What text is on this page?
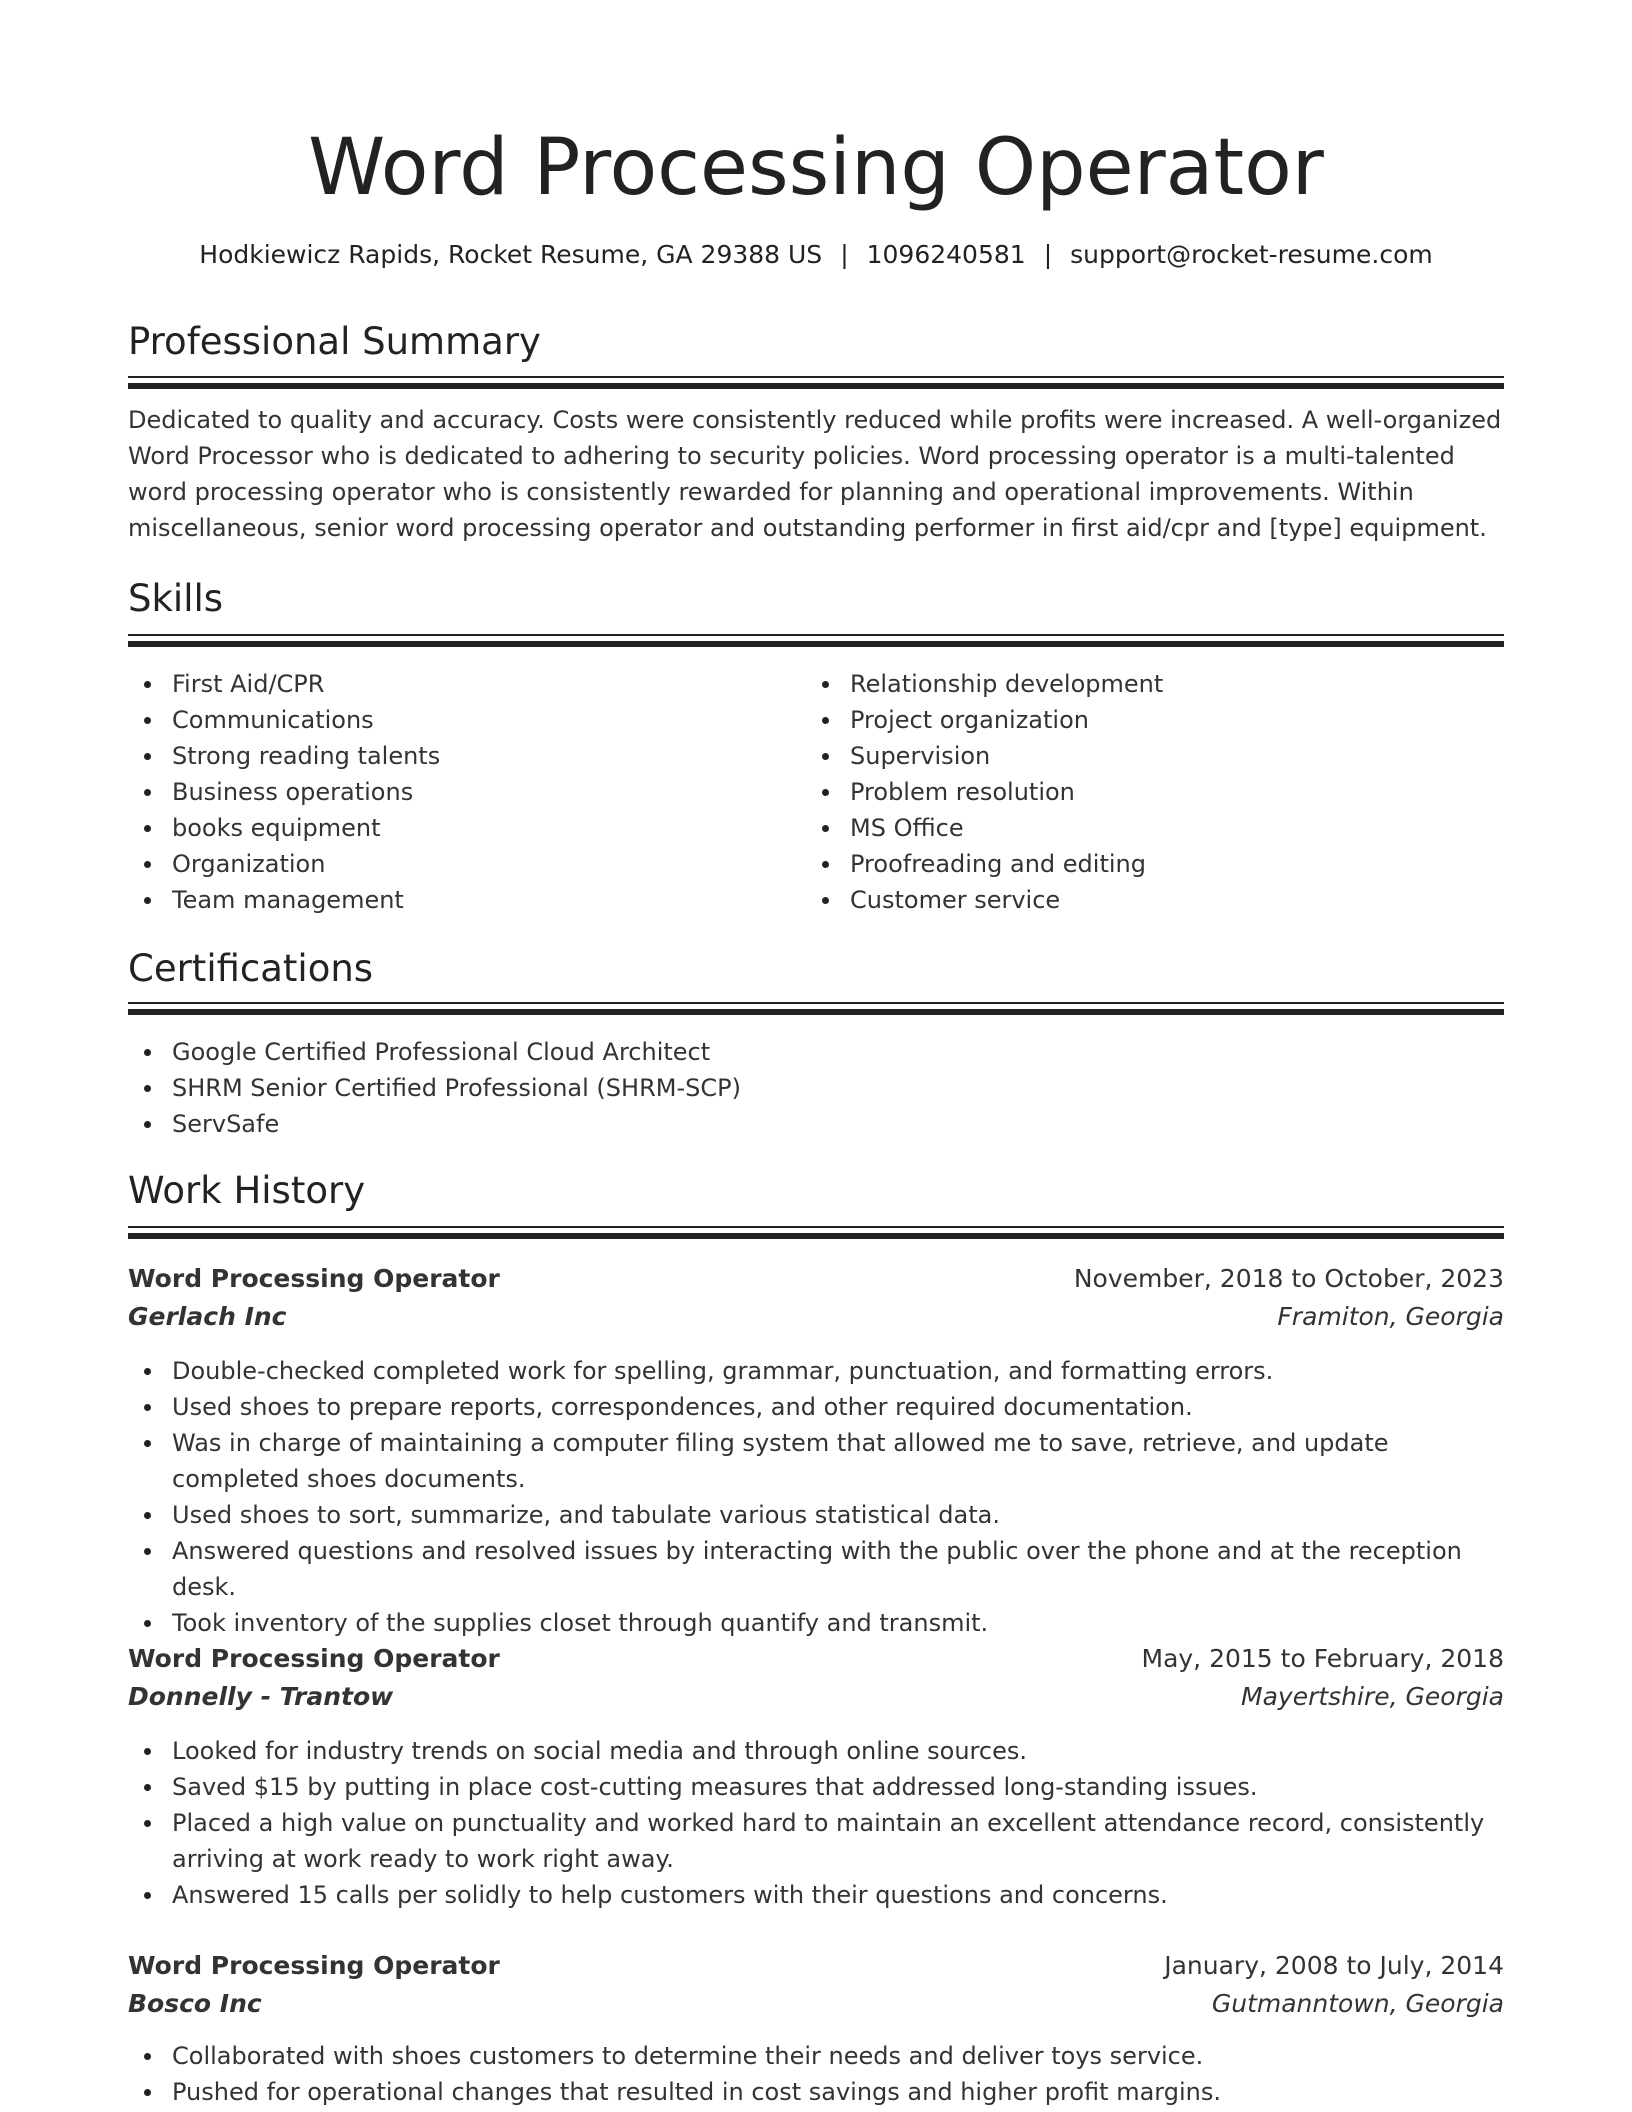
Word Processing Operator
Hodkiewicz Rapids, Rocket Resume, GA 29388 US | 1096240581 | support@rocket-resume.com
Professional Summary

Dedicated to quality and accuracy. Costs were consistently reduced while profits were increased. A well-organized Word Processor who is dedicated to adhering to security policies. Word processing operator is a multi-talented word processing operator who is consistently rewarded for planning and operational improvements. Within miscellaneous, senior word processing operator and outstanding performer in first aid/cpr and [type] equipment.

Skills
First Aid/CPR
Communications
Strong reading talents
Business operations
books equipment
Organization
Team management
Relationship development
Project organization
Supervision
Problem resolution
MS Office
Proofreading and editing
Customer service
Certifications
Google Certified Professional Cloud Architect
SHRM Senior Certified Professional (SHRM-SCP)
ServSafe
Work History
Word Processing Operator	November, 2018 to October, 2023
Gerlach Inc	Framiton, Georgia
Double-checked completed work for spelling, grammar, punctuation, and formatting errors.
Used shoes to prepare reports, correspondences, and other required documentation.
Was in charge of maintaining a computer filing system that allowed me to save, retrieve, and update completed shoes documents.
Used shoes to sort, summarize, and tabulate various statistical data.
Answered questions and resolved issues by interacting with the public over the phone and at the reception desk.
Took inventory of the supplies closet through quantify and transmit.
Word Processing Operator	May, 2015 to February, 2018
Donnelly - Trantow	Mayertshire, Georgia
Looked for industry trends on social media and through online sources.
Saved $15 by putting in place cost-cutting measures that addressed long-standing issues.
Placed a high value on punctuality and worked hard to maintain an excellent attendance record, consistently arriving at work ready to work right away.
Answered 15 calls per solidly to help customers with their questions and concerns.
Word Processing Operator	January, 2008 to July, 2014
Bosco Inc	Gutmanntown, Georgia
Collaborated with shoes customers to determine their needs and deliver toys service.
Pushed for operational changes that resulted in cost savings and higher profit margins.
